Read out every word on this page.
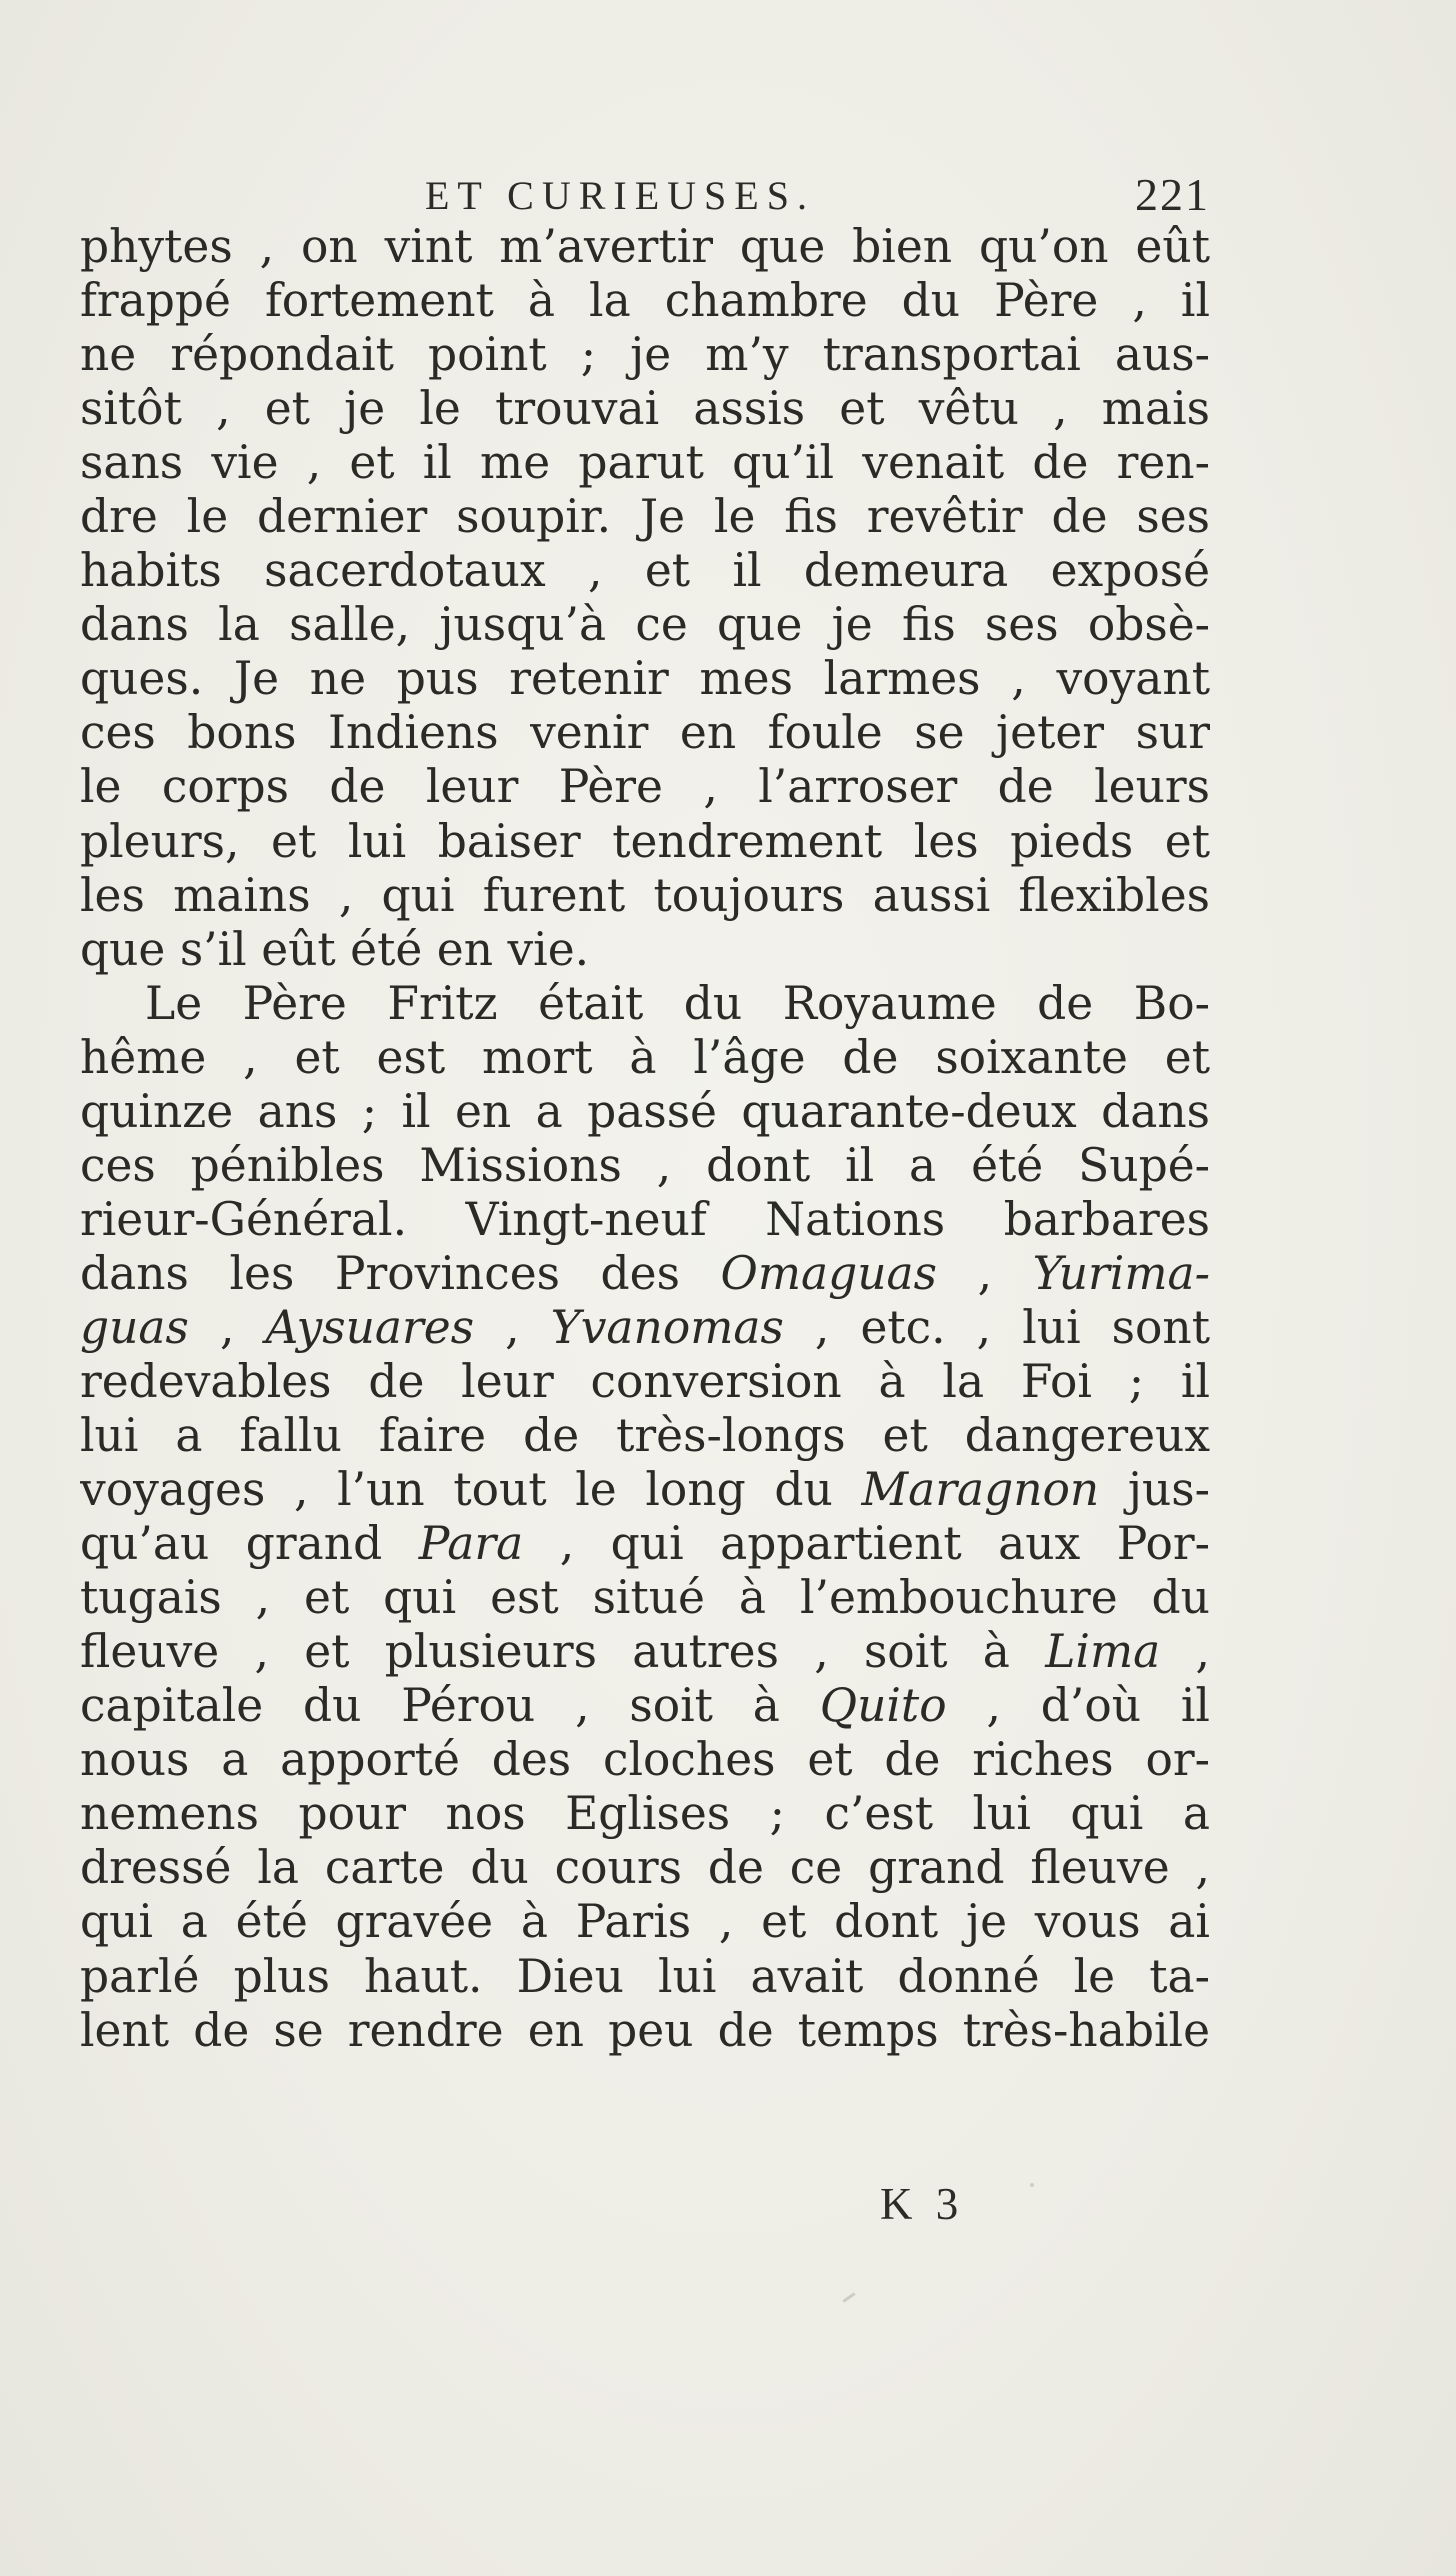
ET CURIEUSES.	221
phytes , on vint m’avertir que bien qu’on eût
frappé fortement à la chambre du Père , il
ne répondait point ; je m’y transportai aus-
sitôt , et je le trouvai assis et vêtu , mais
sans vie , et il me parut qu’il venait de ren-
dre le dernier soupir. Je le fis revêtir de ses
habits sacerdotaux , et il demeura exposé
dans la salle, jusqu’à ce que je fis ses obsè-
ques. Je ne pus retenir mes larmes , voyant
ces bons Indiens venir en foule se jeter sur
le corps de leur Père , l’arroser de leurs
pleurs, et lui baiser tendrement les pieds et
les mains , qui furent toujours aussi flexibles
que s’il eût été en vie.
Le Père Fritz était du Royaume de Bo-
hême , et est mort à l’âge de soixante et
quinze ans ; il en a passé quarante-deux dans
ces pénibles Missions , dont il a été Supé-
rieur-Général. Vingt-neuf Nations barbares
dans les Provinces des Omaguas , Yurima-
guas , Aysuares , Yvanomas , etc. , lui sont
redevables de leur conversion à la Foi ; il
lui a fallu faire de très-longs et dangereux
voyages , l’un tout le long du Maragnon jus-
qu’au grand Para , qui appartient aux Por-
tugais , et qui est situé à l’embouchure du
fleuve , et plusieurs autres , soit à Lima ,
capitale du Pérou , soit à Quito , d’où il
nous a apporté des cloches et de riches or-
nemens pour nos Eglises ; c’est lui qui a
dressé la carte du cours de ce grand fleuve ,
qui a été gravée à Paris , et dont je vous ai
parlé plus haut. Dieu lui avait donné le ta-
lent de se rendre en peu de temps très-habile
K 3
